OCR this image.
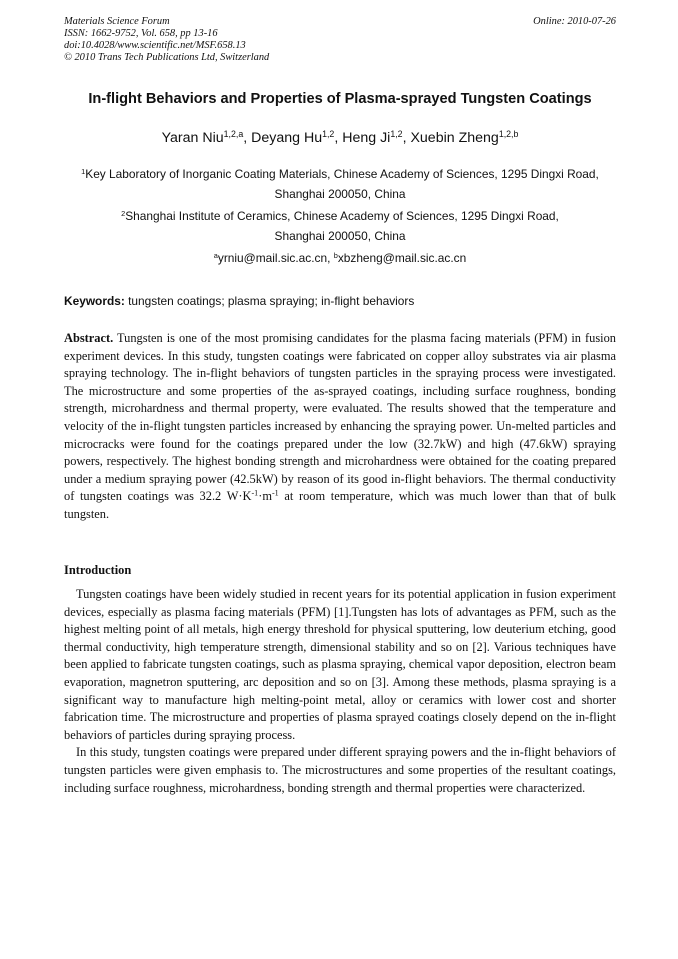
Materials Science Forum
ISSN: 1662-9752, Vol. 658, pp 13-16
doi:10.4028/www.scientific.net/MSF.658.13
© 2010 Trans Tech Publications Ltd, Switzerland
Online: 2010-07-26
In-flight Behaviors and Properties of Plasma-sprayed Tungsten Coatings
Yaran Niu$^{1,2,a}$, Deyang Hu$^{1,2}$, Heng Ji$^{1,2}$, Xuebin Zheng$^{1,2,b}$
$^1$Key Laboratory of Inorganic Coating Materials, Chinese Academy of Sciences, 1295 Dingxi Road,
Shanghai 200050, China
$^2$Shanghai Institute of Ceramics, Chinese Academy of Sciences, 1295 Dingxi Road,
Shanghai 200050, China
$^a$yrniu@mail.sic.ac.cn, $^b$xbzheng@mail.sic.ac.cn
Keywords: tungsten coatings; plasma spraying; in-flight behaviors
Abstract. Tungsten is one of the most promising candidates for the plasma facing materials (PFM) in fusion experiment devices. In this study, tungsten coatings were fabricated on copper alloy substrates via air plasma spraying technology. The in-flight behaviors of tungsten particles in the spraying process were investigated. The microstructure and some properties of the as-sprayed coatings, including surface roughness, bonding strength, microhardness and thermal property, were evaluated. The results showed that the temperature and velocity of the in-flight tungsten particles increased by enhancing the spraying power. Un-melted particles and microcracks were found for the coatings prepared under the low (32.7kW) and high (47.6kW) spraying powers, respectively. The highest bonding strength and microhardness were obtained for the coating prepared under a medium spraying power (42.5kW) by reason of its good in-flight behaviors. The thermal conductivity of tungsten coatings was 32.2 $W\cdot K^{-1}\cdot m^{-1}$ at room temperature, which was much lower than that of bulk tungsten.
Introduction

Tungsten coatings have been widely studied in recent years for its potential application in fusion experiment devices, especially as plasma facing materials (PFM) [1].Tungsten has lots of advantages as PFM, such as the highest melting point of all metals, high energy threshold for physical sputtering, low deuterium etching, good thermal conductivity, high temperature strength, dimensional stability and so on [2]. Various techniques have been applied to fabricate tungsten coatings, such as plasma spraying, chemical vapor deposition, electron beam evaporation, magnetron sputtering, arc deposition and so on [3]. Among these methods, plasma spraying is a significant way to manufacture high melting-point metal, alloy or ceramics with lower cost and shorter fabrication time. The microstructure and properties of plasma sprayed coatings closely depend on the in-flight behaviors of particles during spraying process.

In this study, tungsten coatings were prepared under different spraying powers and the in-flight behaviors of tungsten particles were given emphasis to. The microstructures and some properties of the resultant coatings, including surface roughness, microhardness, bonding strength and thermal properties were characterized.
